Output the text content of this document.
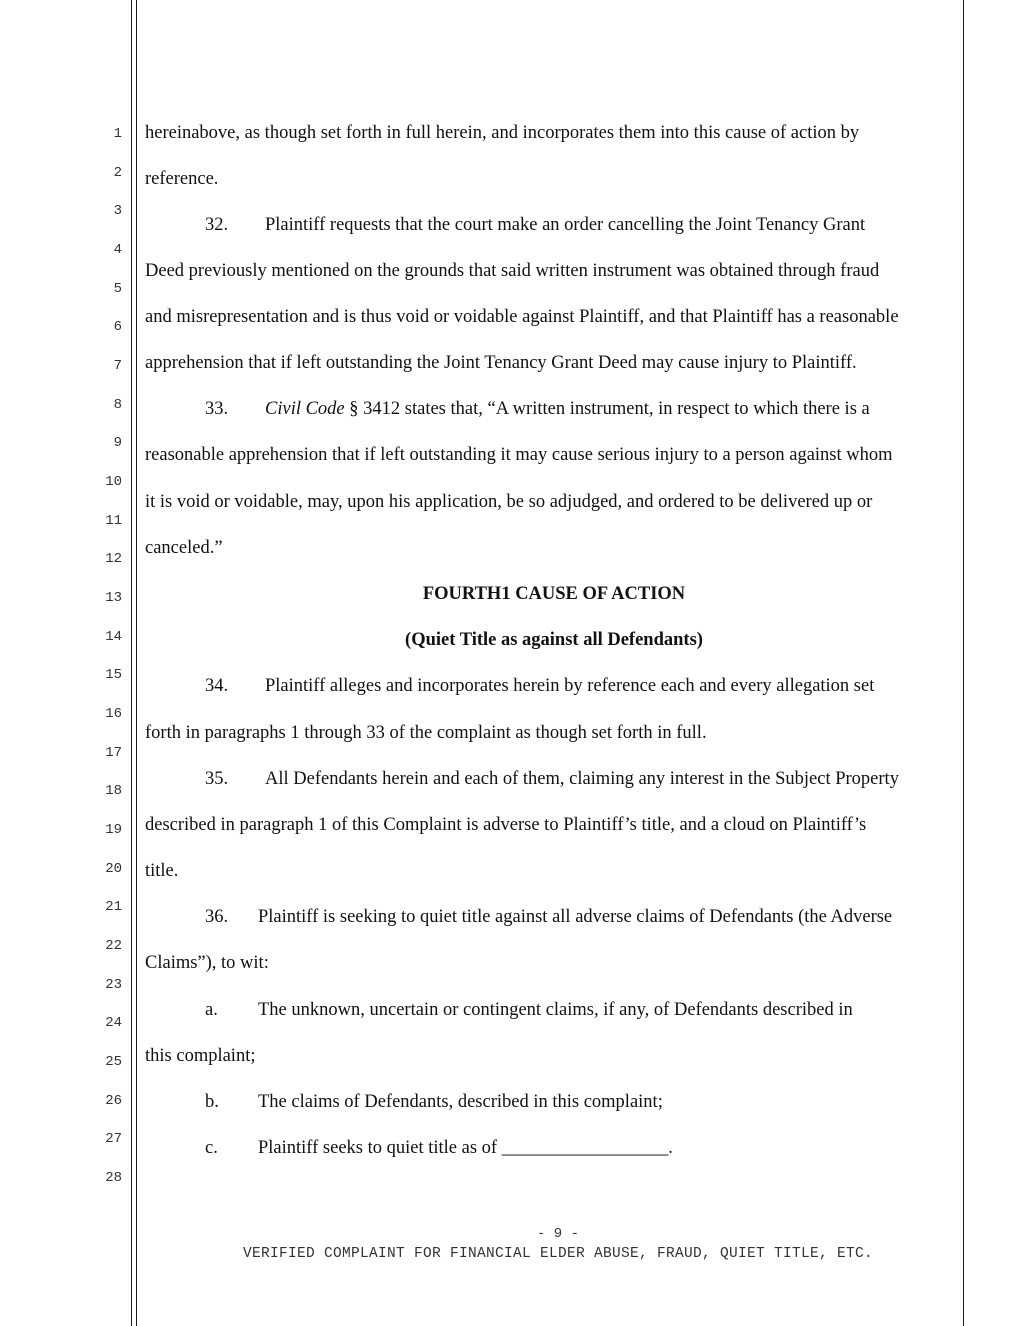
1
2
3
4
5
6
7
8
9
10
11
12
13
14
15
16
17
18
19
20
21
22
23
24
25
26
27
28
hereinabove, as though set forth in full herein, and incorporates them into this cause of action by
reference.
32. Plaintiff requests that the court make an order cancelling the Joint Tenancy Grant
Deed previously mentioned on the grounds that said written instrument was obtained through fraud
and misrepresentation and is thus void or voidable against Plaintiff, and that Plaintiff has a reasonable
apprehension that if left outstanding the Joint Tenancy Grant Deed may cause injury to Plaintiff.
33. Civil Code § 3412 states that, “A written instrument, in respect to which there is a
reasonable apprehension that if left outstanding it may cause serious injury to a person against whom
it is void or voidable, may, upon his application, be so adjudged, and ordered to be delivered up or
canceled.”
FOURTH1 CAUSE OF ACTION
(Quiet Title as against all Defendants)
34. Plaintiff alleges and incorporates herein by reference each and every allegation set
forth in paragraphs 1 through 33 of the complaint as though set forth in full.
35. All Defendants herein and each of them, claiming any interest in the Subject Property
described in paragraph 1 of this Complaint is adverse to Plaintiff’s title, and a cloud on Plaintiff’s
title.
36. Plaintiff is seeking to quiet title against all adverse claims of Defendants (the Adverse
Claims”), to wit:
a. The unknown, uncertain or contingent claims, if any, of Defendants described in
this complaint;
b. The claims of Defendants, described in this complaint;
c. Plaintiff seeks to quiet title as of __________________.
- 9 -
VERIFIED COMPLAINT FOR FINANCIAL ELDER ABUSE, FRAUD, QUIET TITLE, ETC.
